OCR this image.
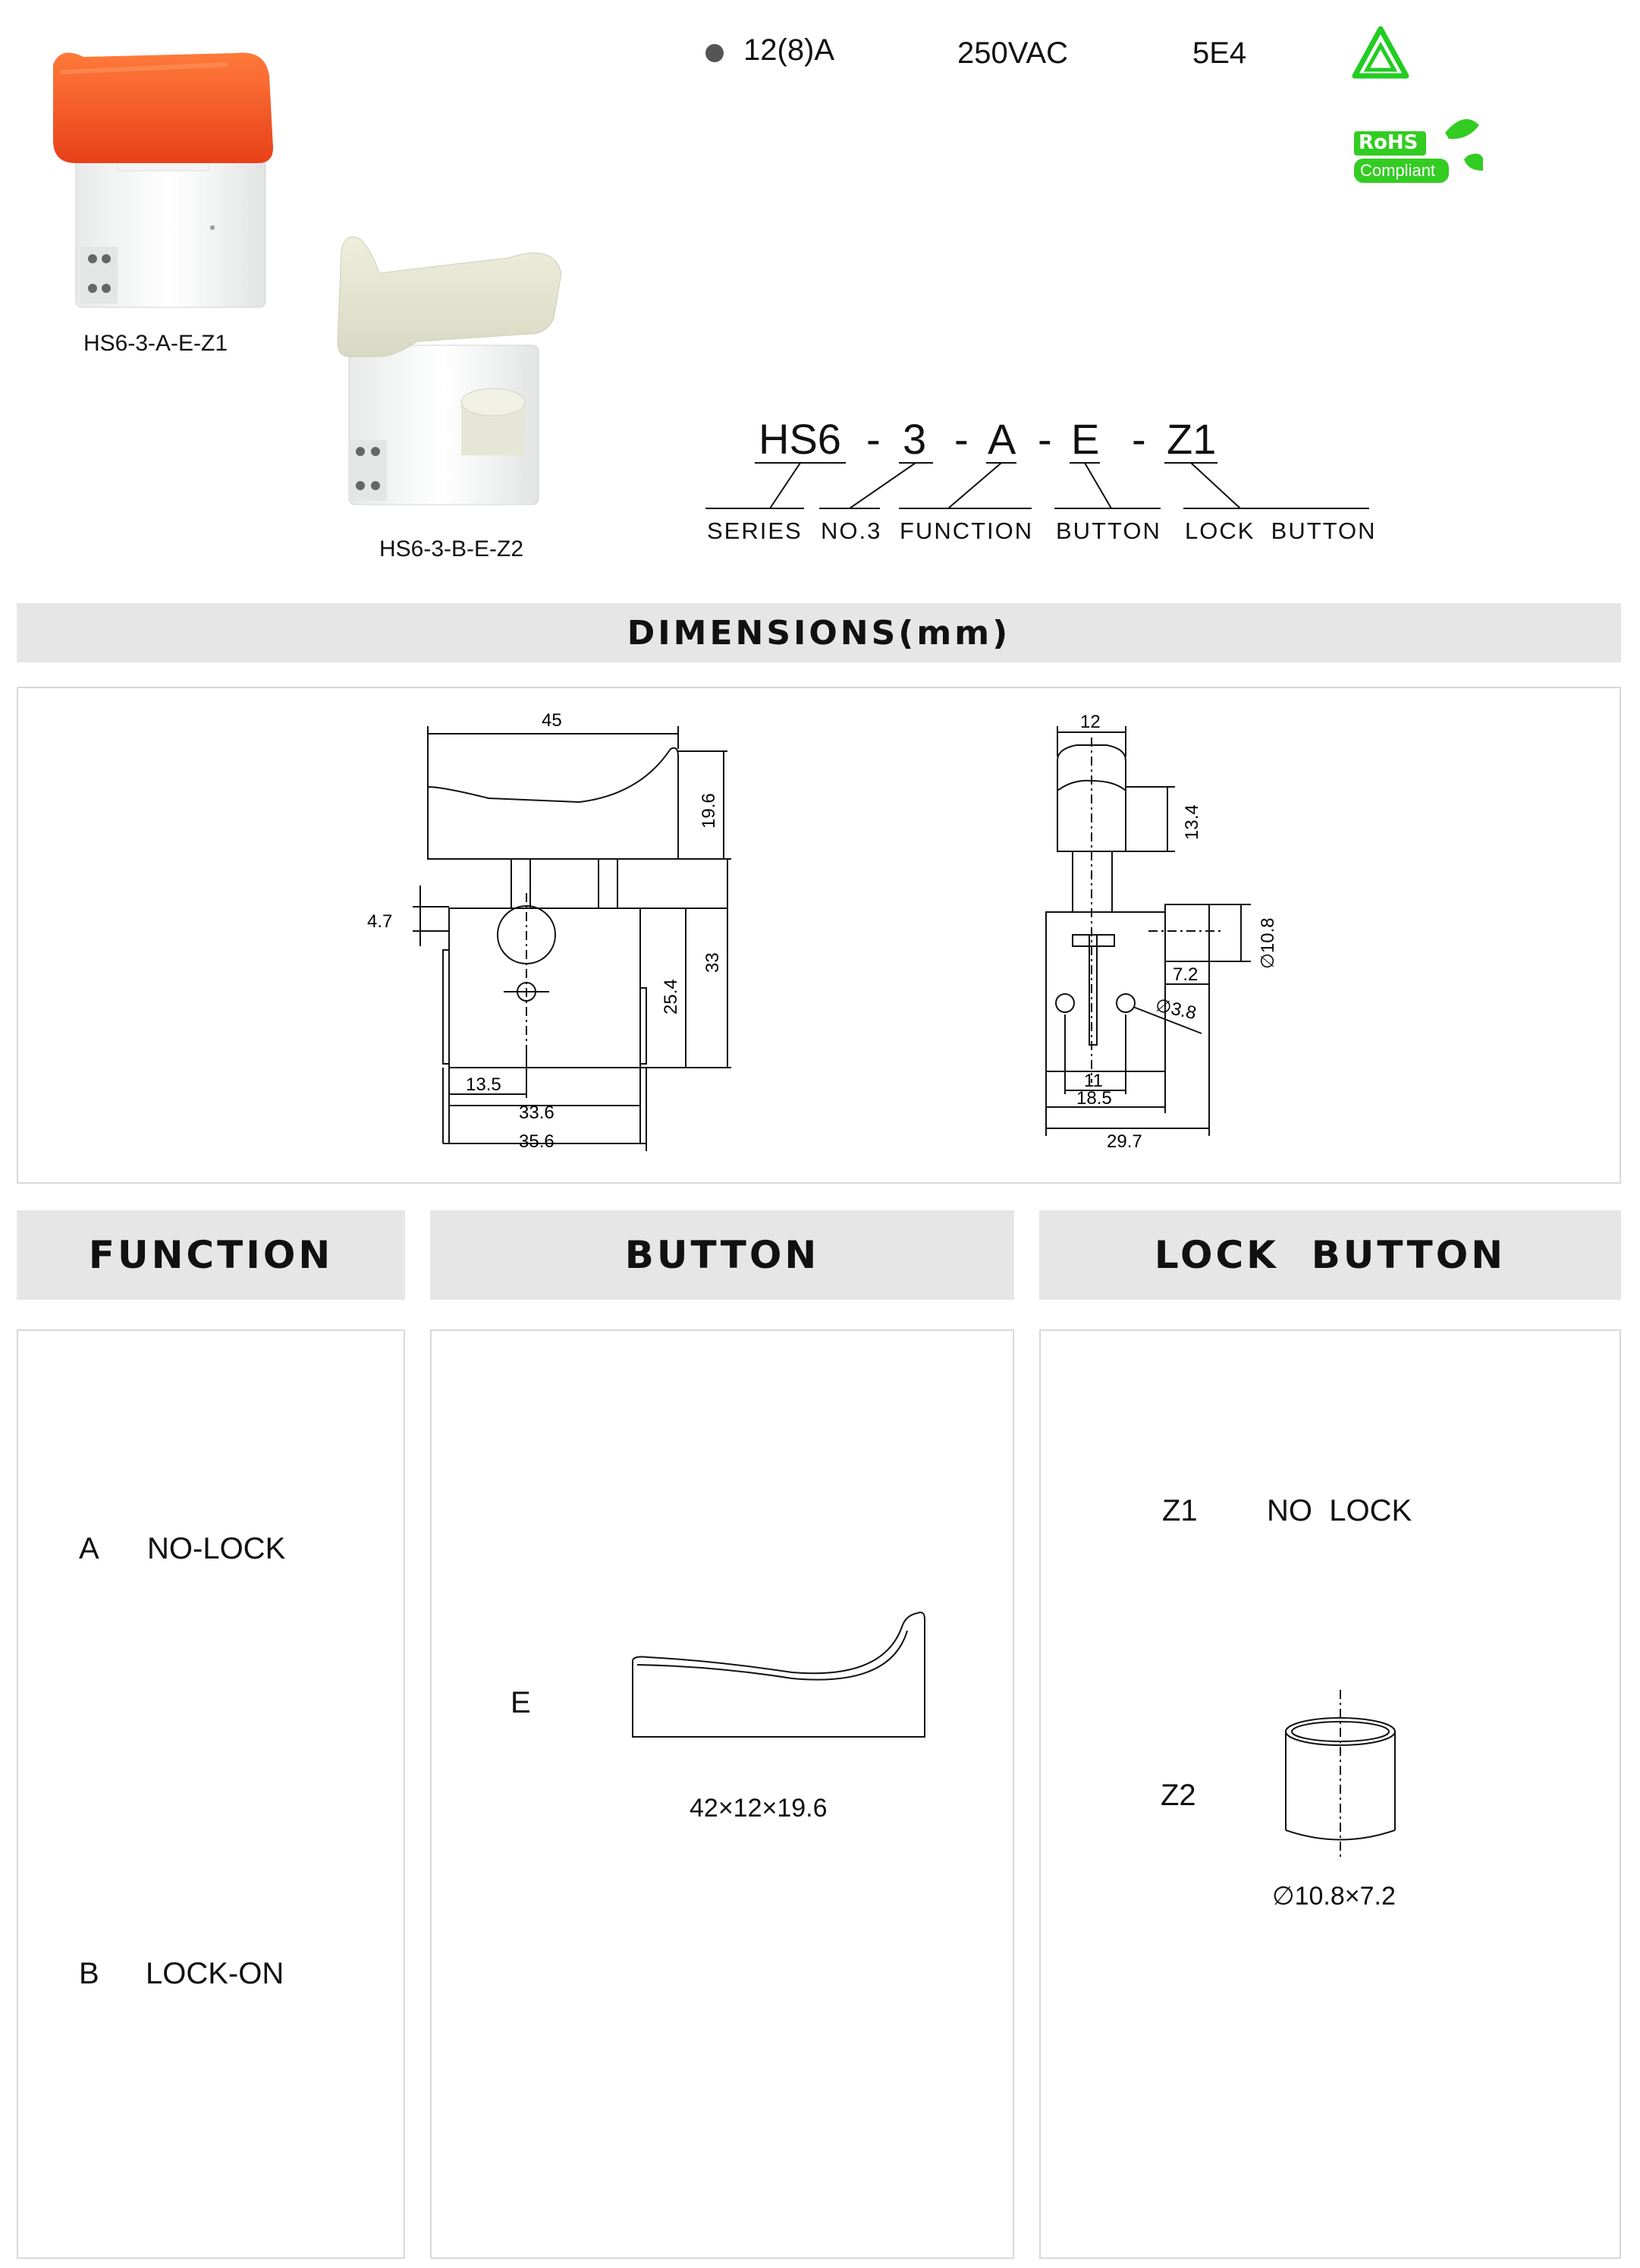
HS6-3-A-E-Z1
HS6-3-B-E-Z2
12(8)A	250VAC	5E4
RoHS
Compliant
HS6 - 3 - A - E - Z1
SERIES NO.3 FUNCTION BUTTON LOCK  BUTTON
DIMENSIONS(mm)
45
19.6
4.7
25.4
33
13.5
33.6
35.6
12
13.4
∅10.8
7.2
∅3.8
11
18.5
29.7
FUNCTION	BUTTON	LOCK  BUTTON
A NO-LOCK
B LOCK-ON
E
42×12×19.6
Z1 NO  LOCK
Z2
∅10.8×7.2
